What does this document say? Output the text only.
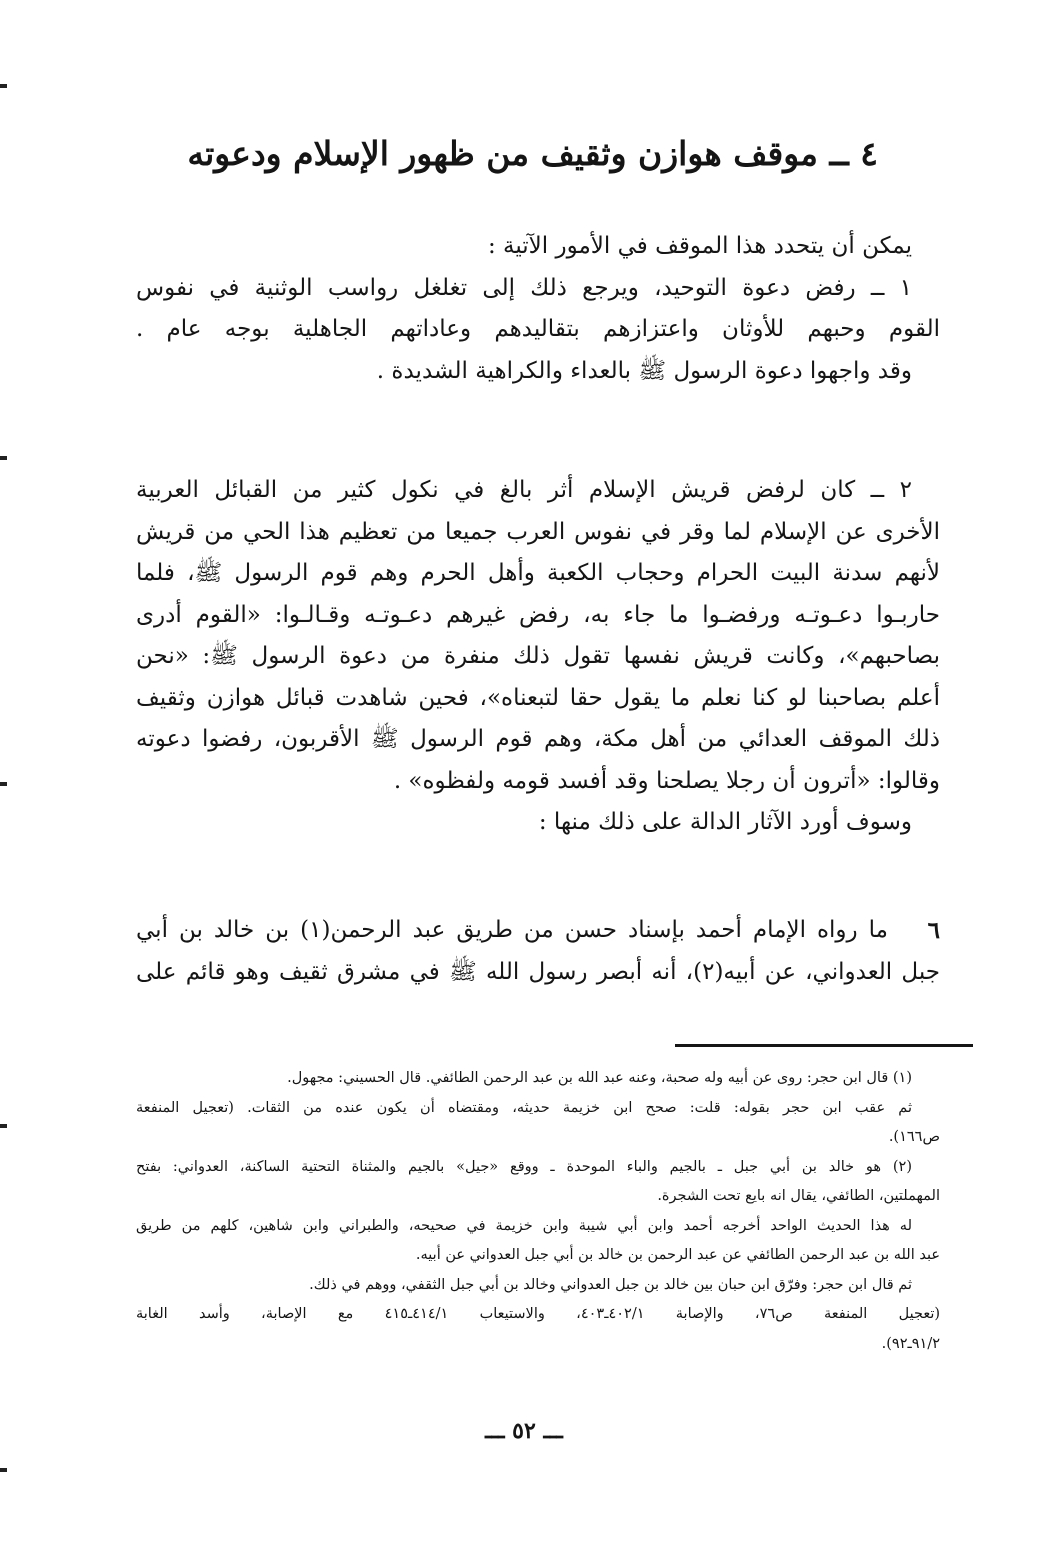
٤ ــ موقف هوازن وثقيف من ظهور الإسلام ودعوته
يمكن أن يتحدد هذا الموقف في الأمور الآتية :
١ ــ رفض دعوة التوحيد، ويرجع ذلك إلى تغلغل رواسب الوثنية في نفوس
القوم وحبهم للأوثان واعتزازهم بتقاليدهم وعاداتهم الجاهلية بوجه عام .
وقد واجهوا دعوة الرسول ﷺ بالعداء والكراهية الشديدة .
٢ ــ كان لرفض قريش الإسلام أثر بالغ في نكول كثير من القبائل العربية
الأخرى عن الإسلام لما وقر في نفوس العرب جميعا من تعظيم هذا الحي من قريش
لأنهم سدنة البيت الحرام وحجاب الكعبة وأهل الحرم وهم قوم الرسول ﷺ، فلما
حاربـوا دعـوتـه ورفضـوا ما جاء به، رفض غيرهم دعـوتـه وقـالـوا: «القوم أدرى
بصاحبهم»، وكانت قريش نفسها تقول ذلك منفرة من دعوة الرسول ﷺ: «نحن
أعلم بصاحبنا لو كنا نعلم ما يقول حقا لتبعناه»، فحين شاهدت قبائل هوازن وثقيف
ذلك الموقف العدائي من أهل مكة، وهم قوم الرسول ﷺ الأقربون، رفضوا دعوته
وقالوا: «أترون أن رجلا يصلحنا وقد أفسد قومه ولفظوه» .
وسوف أورد الآثار الدالة على ذلك منها :
٦
ما رواه الإمام أحمد بإسناد حسن من طريق عبد الرحمن(١) بن خالد بن أبي
جبل العدواني، عن أبيه(٢)، أنه أبصر رسول الله ﷺ في مشرق ثقيف وهو قائم على
(١) قال ابن حجر: روى عن أبيه وله صحبة، وعنه عبد الله بن عبد الرحمن الطائفي. قال الحسيني: مجهول.
ثم عقب ابن حجر بقوله: قلت: صحح ابن خزيمة حديثه، ومقتضاه أن يكون عنده من الثقات. (تعجيل المنفعة
ص١٦٦).
(٢) هو خالد بن أبي جبل ـ بالجيم والباء الموحدة ـ ووقع «جيل» بالجيم والمثناة التحتية الساكنة، العدواني: بفتح
المهملتين، الطائفي، يقال انه بايع تحت الشجرة.
له هذا الحديث الواحد أخرجه أحمد وابن أبي شيبة وابن خزيمة في صحيحه، والطبراني وابن شاهين، كلهم من طريق
عبد الله بن عبد الرحمن الطائفي عن عبد الرحمن بن خالد بن أبي جبل العدواني عن أبيه.
ثم قال ابن حجر: وفرّق ابن حبان بين خالد بن جبل العدواني وخالد بن أبي جبل الثقفي، ووهم في ذلك.
(تعجيل المنفعة ص٧٦، والإصابة ٤٠٢/١ـ٤٠٣، والاستيعاب ٤١٤/١ـ٤١٥ مع الإصابة، وأسد الغابة
٩١/٢ـ٩٢).
ـــ ٥٢ ـــ
